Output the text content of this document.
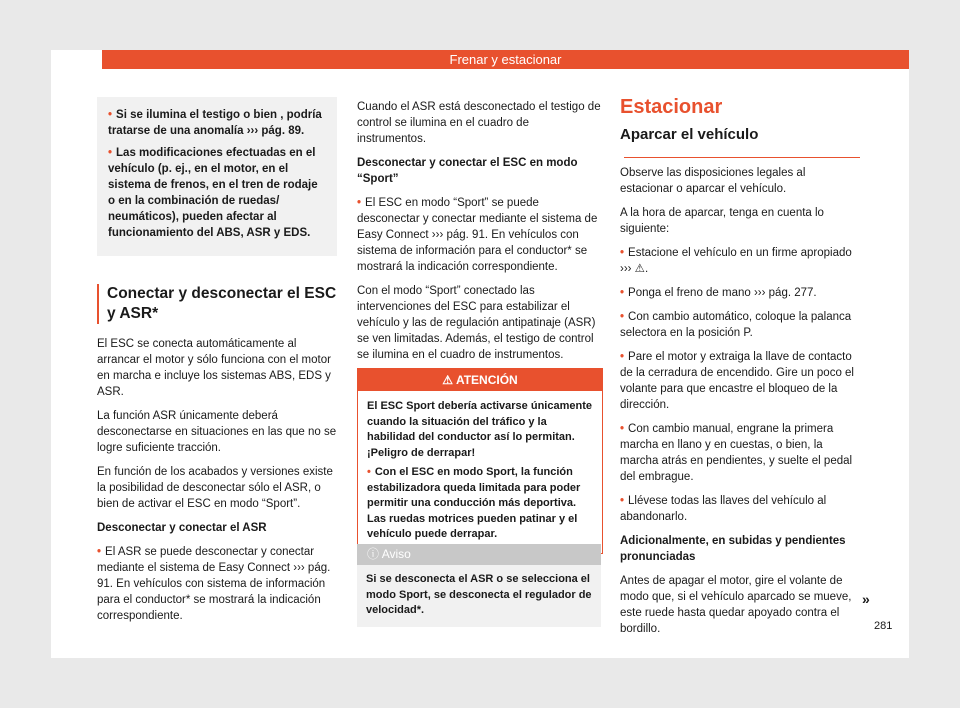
Frenar y estacionar

• Si se ilumina el testigo o bien , podría tratarse de una anomalía ››› pág. 89.

• Las modificaciones efectuadas en el vehículo (p. ej., en el motor, en el sistema de frenos, en el tren de rodaje o en la combinación de ruedas/ neumáticos), pueden afectar al funcionamiento del ABS, ASR y EDS.

Conectar y desconectar el ESC y ASR*

El ESC se conecta automáticamente al arrancar el motor y sólo funciona con el motor en marcha e incluye los sistemas ABS, EDS y ASR.

La función ASR únicamente deberá desconectarse en situaciones en las que no se logre suficiente tracción.

En función de los acabados y versiones existe la posibilidad de desconectar sólo el ASR, o bien de activar el ESC en modo “Sport”.

Desconectar y conectar el ASR

• El ASR se puede desconectar y conectar mediante el sistema de Easy Connect ››› pág. 91. En vehículos con sistema de información para el conductor* se mostrará la indicación correspondiente.

Cuando el ASR está desconectado el testigo de control se ilumina en el cuadro de instrumentos.

Desconectar y conectar el ESC en modo “Sport”

• El ESC en modo “Sport” se puede desconectar y conectar mediante el sistema de Easy Connect ››› pág. 91. En vehículos con sistema de información para el conductor* se mostrará la indicación correspondiente.

Con el modo “Sport” conectado las intervenciones del ESC para estabilizar el vehículo y las de regulación antipatinaje (ASR) se ven limitadas. Además, el testigo de control se ilumina en el cuadro de instrumentos.

⚠ ATENCIÓN

El ESC Sport debería activarse únicamente cuando la situación del tráfico y la habilidad del conductor así lo permitan. ¡Peligro de derrapar!

• Con el ESC en modo Sport, la función estabilizadora queda limitada para poder permitir una conducción más deportiva. Las ruedas motrices pueden patinar y el vehículo puede derrapar.

ⓘ Aviso
Si se desconecta el ASR o se selecciona el modo Sport, se desconecta el regulador de velocidad*.
Estacionar
Aparcar el vehículo

Observe las disposiciones legales al estacionar o aparcar el vehículo.

A la hora de aparcar, tenga en cuenta lo siguiente:

• Estacione el vehículo en un firme apropiado ››› ⚠.

• Ponga el freno de mano ››› pág. 277.

• Con cambio automático, coloque la palanca selectora en la posición P.

• Pare el motor y extraiga la llave de contacto de la cerradura de encendido. Gire un poco el volante para que encastre el bloqueo de la dirección.

• Con cambio manual, engrane la primera marcha en llano y en cuestas, o bien, la marcha atrás en pendientes, y suelte el pedal del embrague.

• Llévese todas las llaves del vehículo al abandonarlo.

Adicionalmente, en subidas y pendientes pronunciadas

Antes de apagar el motor, gire el volante de modo que, si el vehículo aparcado se mueve, este ruede hasta quedar apoyado contra el bordillo.

»
281
